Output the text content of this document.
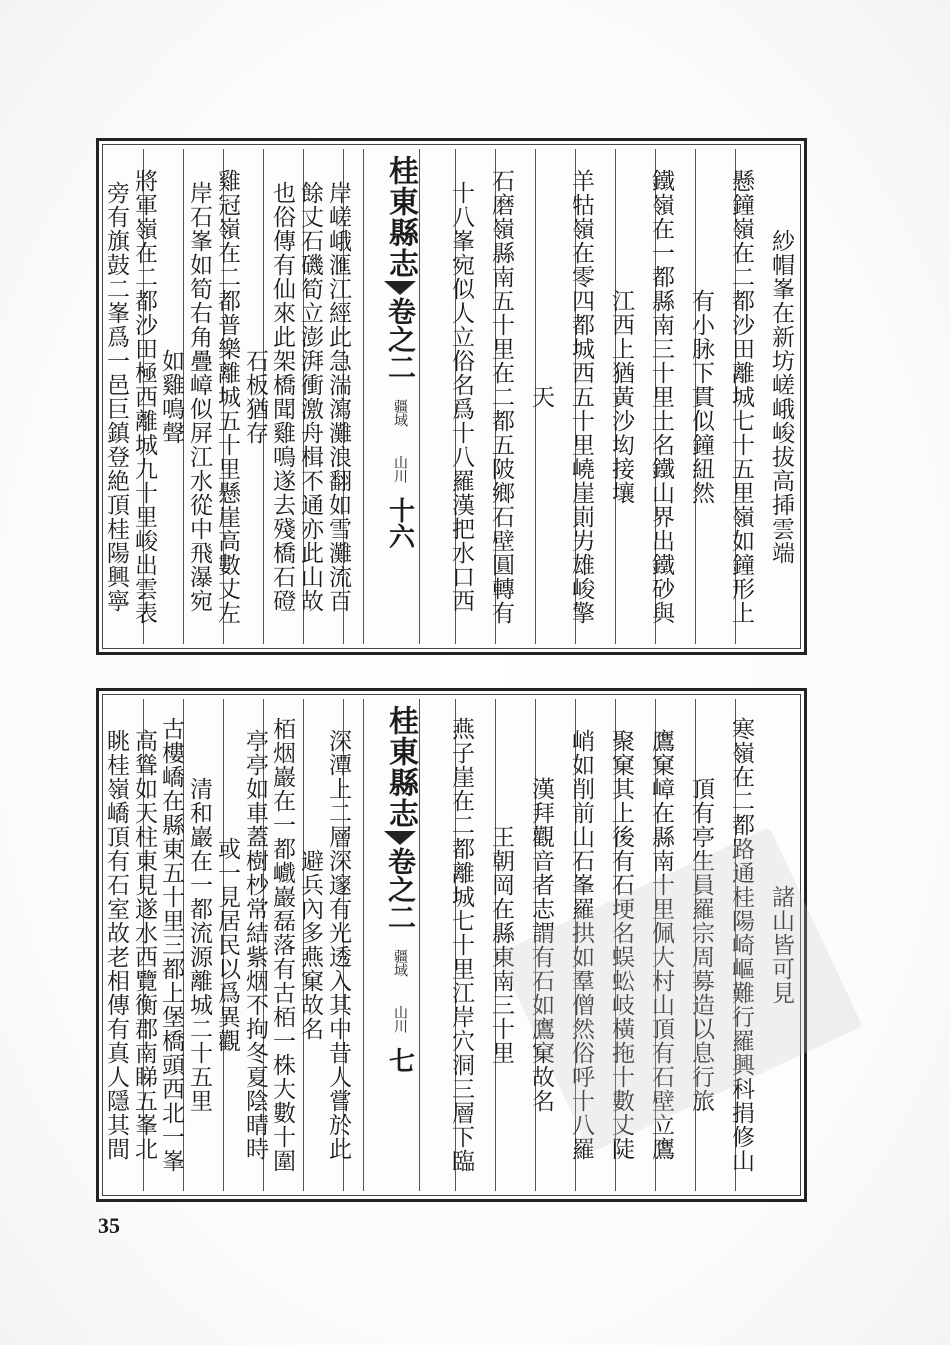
桂東縣志
卷之二
疆域
山川
十六	紗帽峯在新坊嵯峨峻拔高揷雲端
懸鐘嶺在二都沙田離城七十五里嶺如鐘形上
有小脉下貫似鐘紐然
鐵嶺在一都縣南三十里土名鐵山界出鐵砂與
江西上猶黃沙㘭接壤
羊牯嶺在零四都城西五十里嶢崖崱屴雄峻擎
天
石磨嶺縣南五十里在二都五陂鄉石壁圓轉有
十八峯宛似人立俗名爲十八羅漢把水口西
岸嵯峨滙江經此急湍瀉灘浪翻如雪灘流百
餘丈石磯筍立澎湃衝激舟楫不通亦此山故
也俗傳有仙來此架橋聞雞鳴遂去殘橋石磴
石板猶存
雞冠嶺在二都普樂離城五十里懸崖高數丈左
岸石峯如筍右角疊嶂似屏江水從中飛瀑宛
如雞鳴聲
將軍嶺在二都沙田極西離城九十里峻出雲表
旁有旗鼓二峯爲一邑巨鎮登絶頂桂陽興寧
桂東縣志
卷之二
疆域
山川
七
諸山皆可見
寒嶺在二都路通桂陽崎嶇難行羅興科捐修山
頂有亭生員羅宗周募造以息行旅
鷹窠嶂在縣南十里佩大村山頂有石壁立鷹
聚窠其上後有石埂名蜈蚣岐橫拖十數丈陡
峭如削前山石峯羅拱如羣僧然俗呼十八羅
漢拜觀音者志謂有石如鷹窠故名
王朝岡在縣東南三十里
燕子崖在二都離城七十里江岸穴洞三層下臨
深潭上二層深邃有光透入其中昔人嘗於此
避兵內多燕窠故名
栢烟巖在一都巇巖磊落有古栢一株大數十圍
亭亭如車蓋樹杪常結紫烟不拘冬夏陰晴時
或一見居民以爲異觀
清和巖在一都流源離城二十五里
古樓嶠在縣東五十里三都上堡橋頭西北一峯
高聳如天柱東見遂水西覽衡郡南睇五峯北
眺桂嶺嶠頂有石室故老相傳有真人隱其間
35
